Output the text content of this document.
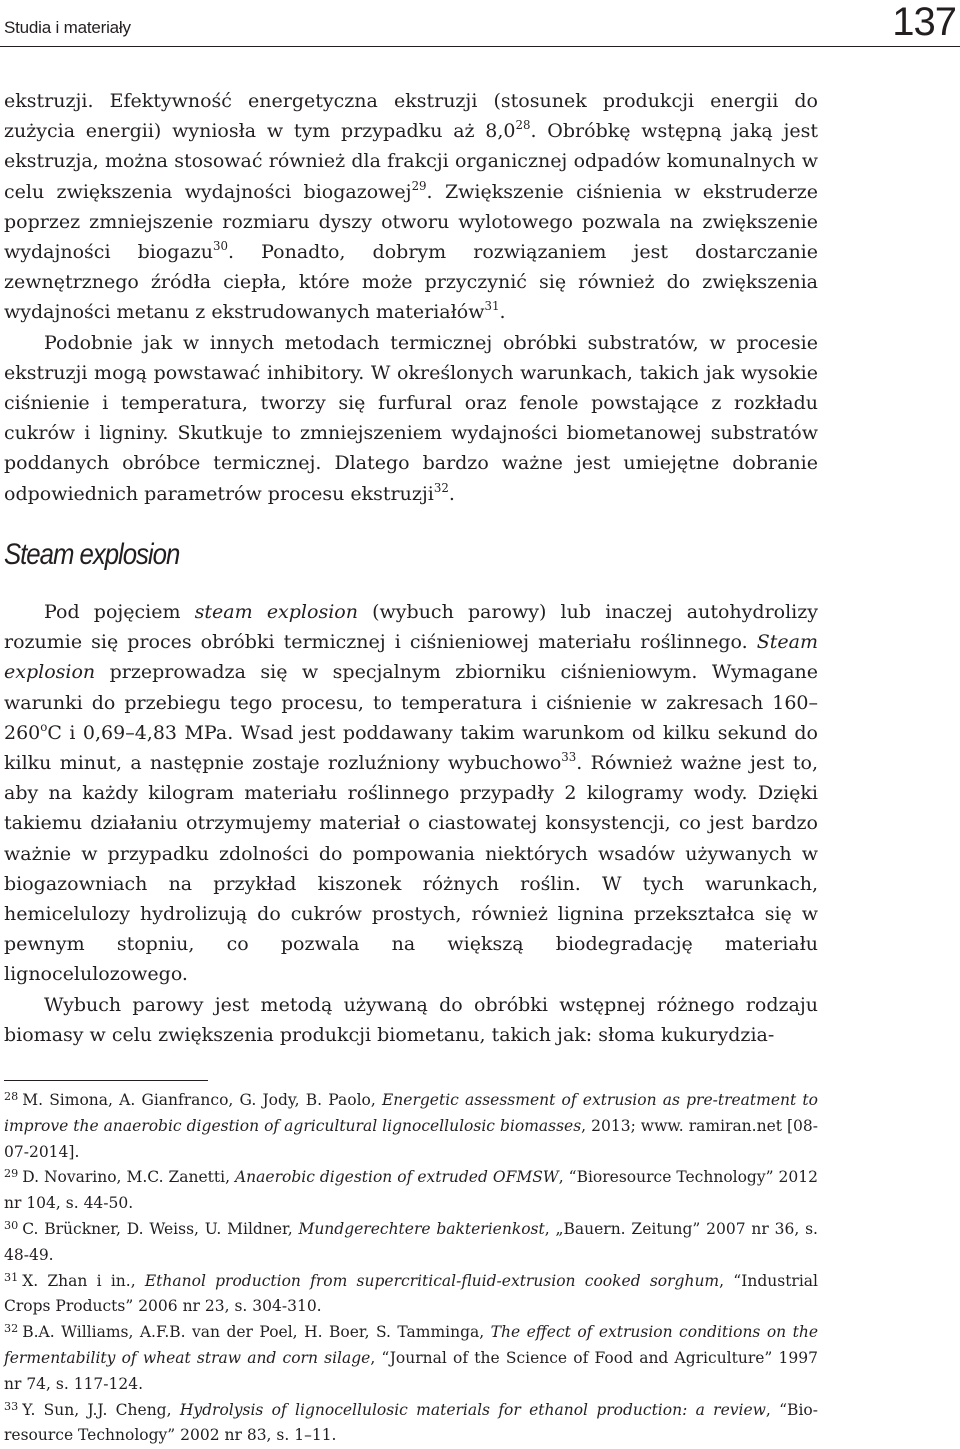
Studia i materiały	137

ekstruzji. Efektywność energetyczna ekstruzji (stosunek produkcji energii do zużycia energii) wyniosła w tym przypadku aż $8,0^{28}$. Obróbkę wstępną jaką jest ekstruzja, można stosować również dla frakcji organicznej odpadów komunalnych w celu zwiększenia wydajności biogazowej$^{29}$. Zwiększenie ciśnienia w ekstruderze poprzez zmniejszenie rozmiaru dyszy otworu wylotowego pozwala na zwiększenie wydajności biogazu$^{30}$. Ponadto, dobrym rozwiązaniem jest dostarczanie zewnętrznego źródła ciepła, które może przyczynić się również do zwiększenia wydajności metanu z ekstrudowanych materiałów$^{31}$.

Podobnie jak w innych metodach termicznej obróbki substratów, w procesie ekstruzji mogą powstawać inhibitory. W określonych warunkach, takich jak wysokie ciśnienie i temperatura, tworzy się furfural oraz fenole powstające z rozkładu cukrów i ligniny. Skutkuje to zmniejszeniem wydajności biometanowej substratów poddanych obróbce termicznej. Dlatego bardzo ważne jest umiejętne dobranie odpowiednich parametrów procesu ekstruzji$^{32}$.

Steam explosion

Pod pojęciem steam explosion (wybuch parowy) lub inaczej autohydrolizy rozumie się proces obróbki termicznej i ciśnieniowej materiału roślinnego. Steam explosion przeprowadza się w specjalnym zbiorniku ciśnieniowym. Wymagane warunki do przebiegu tego procesu, to temperatura i ciśnienie w zakresach 160–260$^o$C i 0,69–4,83 MPa. Wsad jest poddawany takim warunkom od kilku sekund do kilku minut, a następnie zostaje rozluźniony wybuchowo$^{33}$. Również ważne jest to, aby na każdy kilogram materiału roślinnego przypadły 2 kilogramy wody. Dzięki takiemu działaniu otrzymujemy materiał o ciastowatej konsystencji, co jest bardzo ważnie w przypadku zdolności do pompowania niektórych wsadów używanych w biogazowniach na przykład kiszonek różnych roślin. W tych warunkach, hemicelulozy hydrolizują do cukrów prostych, również lignina przekształca się w pewnym stopniu, co pozwala na większą biodegradację materiału lignocelulozowego.

Wybuch parowy jest metodą używaną do obróbki wstępnej różnego rodzaju biomasy w celu zwiększenia produkcji biometanu, takich jak: słoma kukurydzia-

$^{28}$ M. Simona, A. Gianfranco, G. Jody, B. Paolo, Energetic assessment of extrusion as pre-treatment to improve the anaerobic digestion of agricultural lignocellulosic biomasses, 2013; www. ramiran.net [08-07-2014].

$^{29}$ D. Novarino, M.C. Zanetti, Anaerobic digestion of extruded OFMSW, “Bioresource Technology” 2012 nr 104, s. 44-50.

$^{30}$ C. Brückner, D. Weiss, U. Mildner, Mundgerechtere bakterienkost, „Bauern. Zeitung” 2007 nr 36, s. 48-49.

$^{31}$ X. Zhan i in., Ethanol production from supercritical-fluid-extrusion cooked sorghum, “Industrial Crops Products” 2006 nr 23, s. 304-310.

$^{32}$ B.A. Williams, A.F.B. van der Poel, H. Boer, S. Tamminga, The effect of extrusion conditions on the fermentability of wheat straw and corn silage, “Journal of the Science of Food and Agriculture” 1997 nr 74, s. 117-124.

$^{33}$ Y. Sun, J.J. Cheng, Hydrolysis of lignocellulosic materials for ethanol production: a review, “Bioresource Technology” 2002 nr 83, s. 1–11.
